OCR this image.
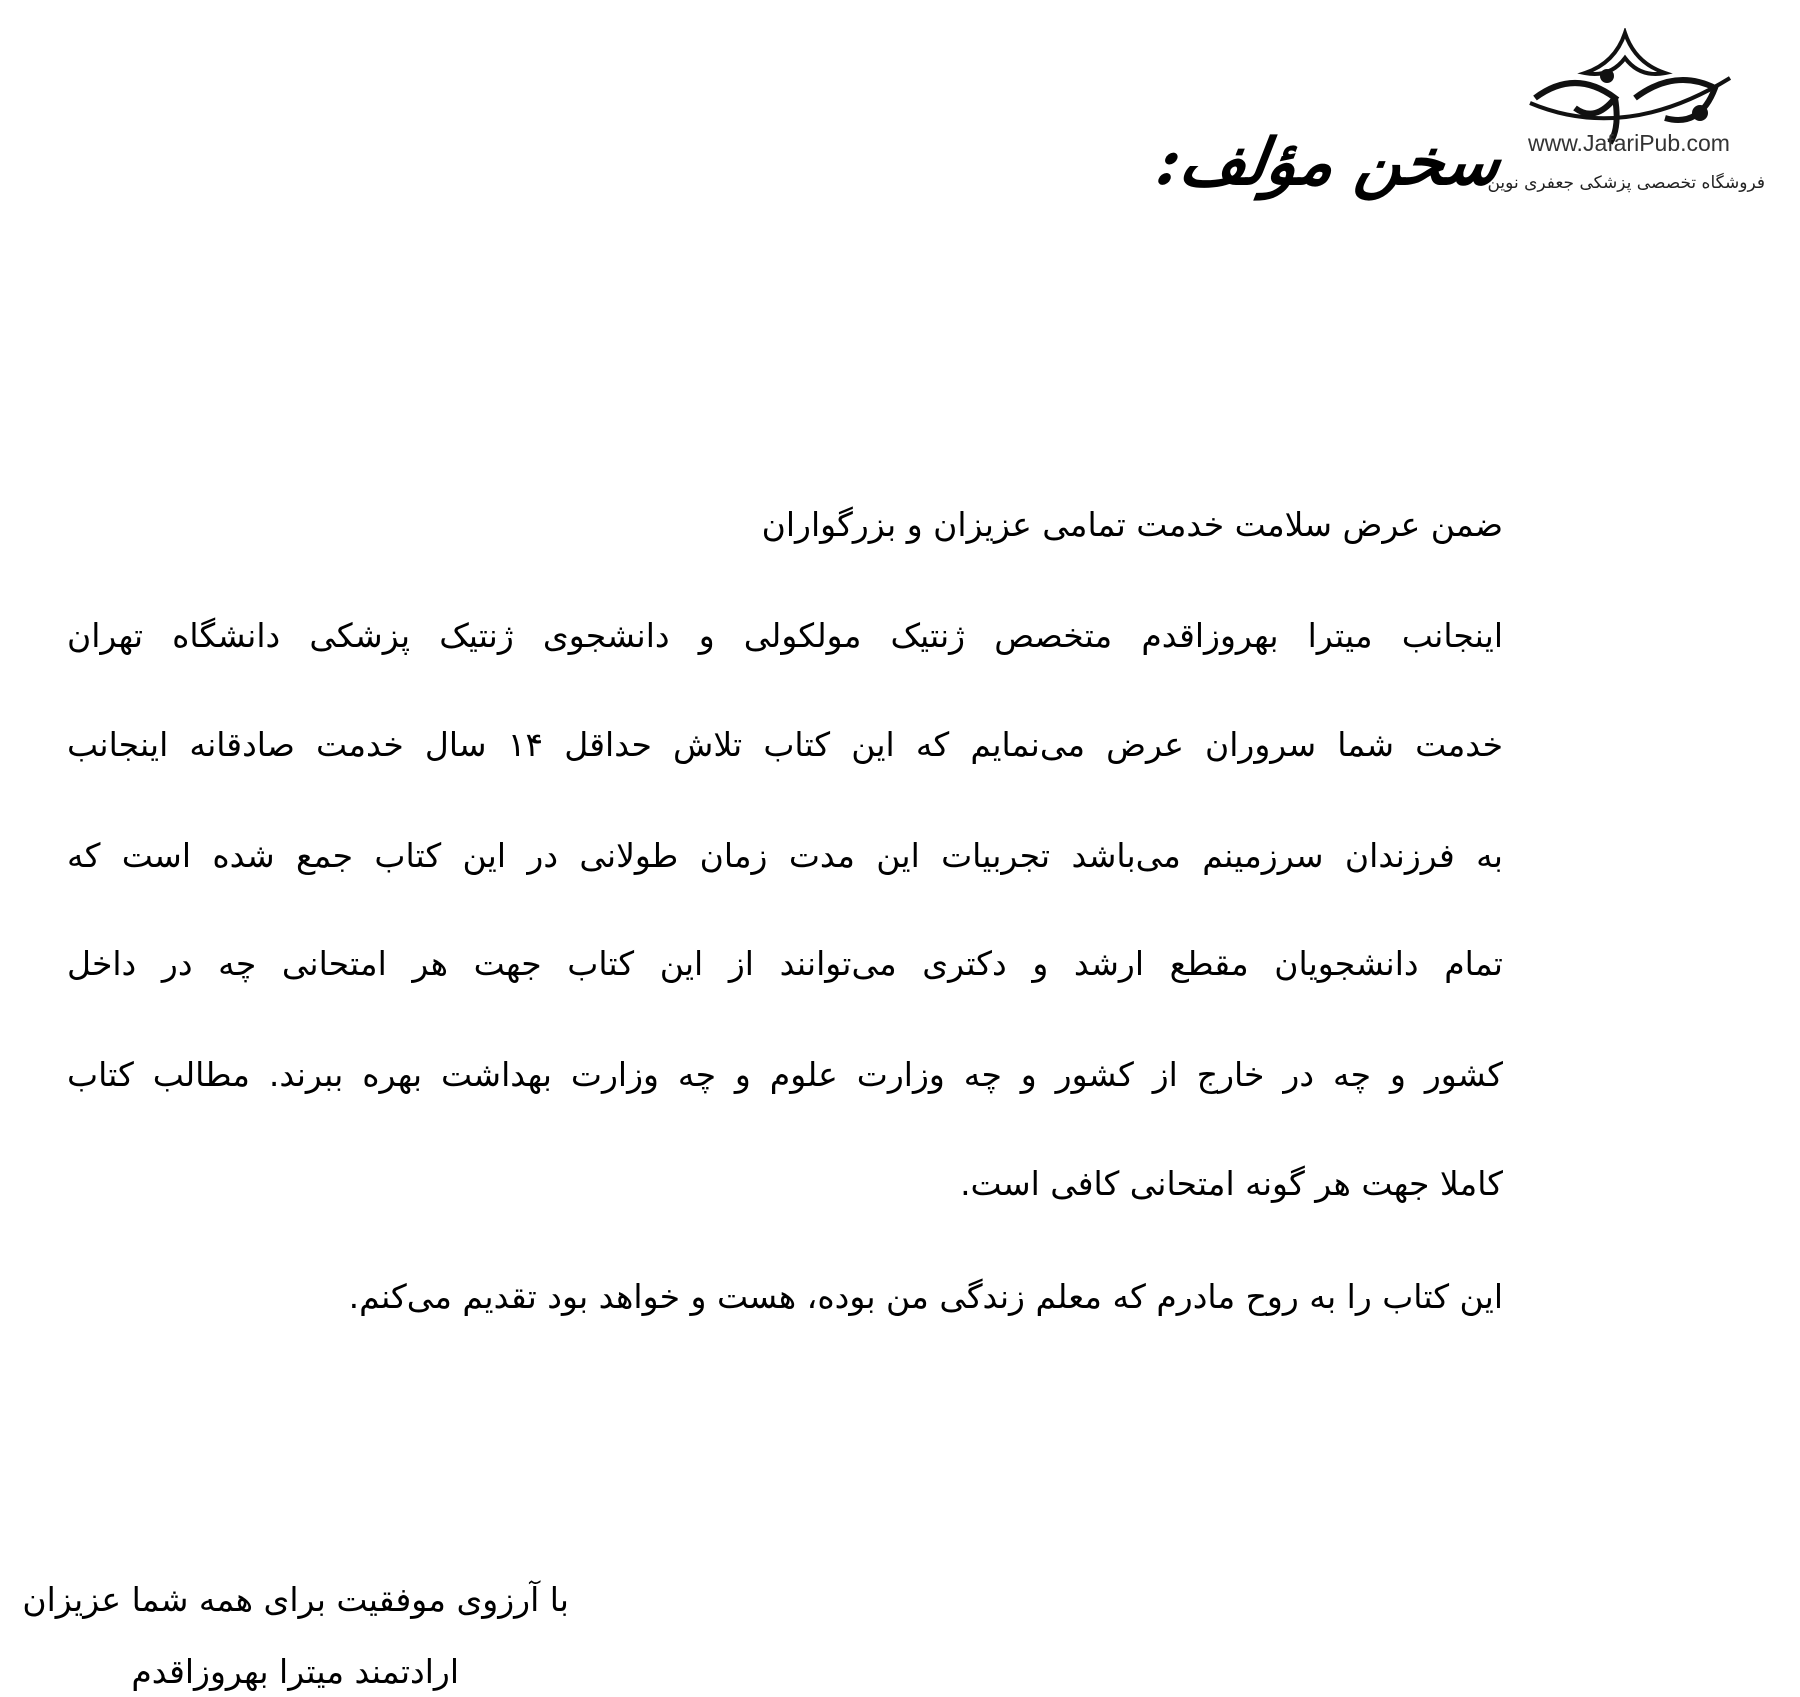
سخن مؤلف: www.JafariPub.com
فروشگاه تخصصی پزشکی جعفری نوین
ضمن عرض سلامت خدمت تمامی عزیزان و بزرگواران
اینجانب میترا بهروزاقدم متخصص ژنتیک مولکولی و دانشجوی ژنتیک پزشکی دانشگاه تهران
خدمت شما سروران عرض می‌نمایم که این کتاب تلاش حداقل ۱۴ سال خدمت صادقانه اینجانب
به فرزندان سرزمینم می‌باشد تجربیات این مدت زمان طولانی در این کتاب جمع شده است که
تمام دانشجویان مقطع ارشد و دکتری می‌توانند از این کتاب جهت هر امتحانی چه در داخل
کشور و چه در خارج از کشور و چه وزارت علوم و چه وزارت بهداشت بهره ببرند. مطالب کتاب
کاملا جهت هر گونه امتحانی کافی است.
این کتاب را به روح مادرم که معلم زندگی من بوده، هست و خواهد بود تقدیم می‌کنم.
با آرزوی موفقیت برای همه شما عزیزان
ارادتمند میترا بهروزاقدم
